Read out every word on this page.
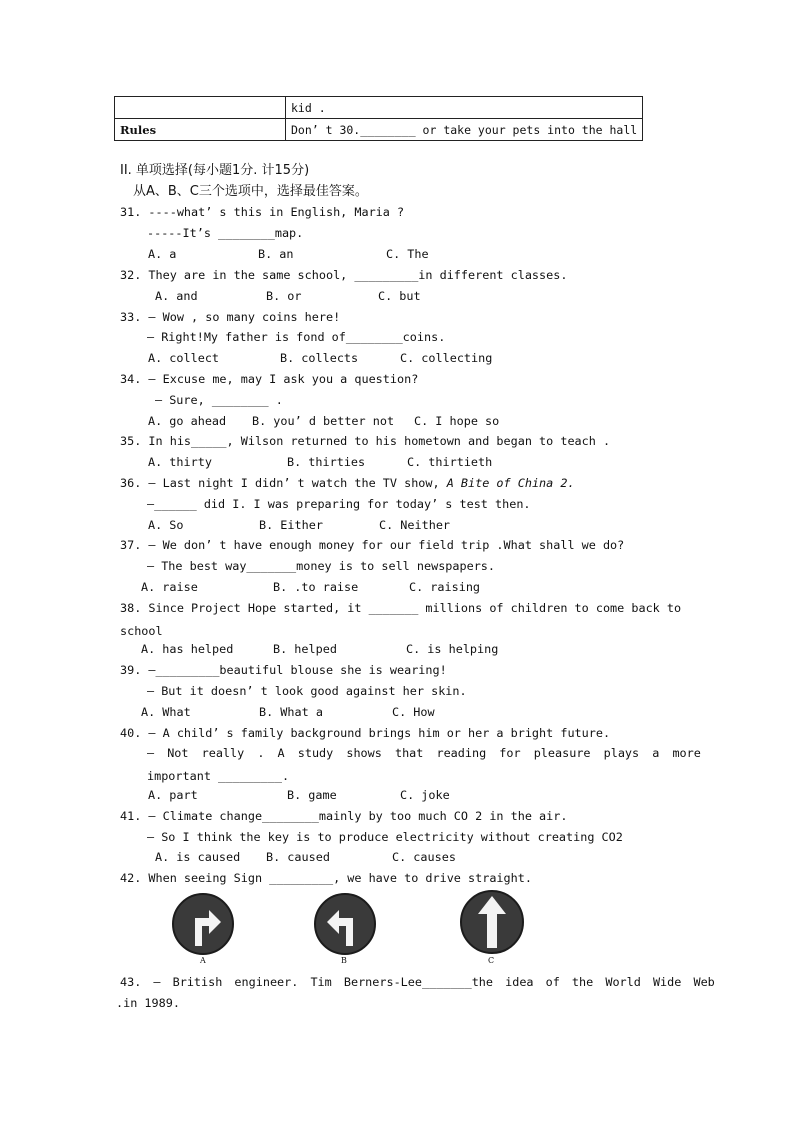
	kid .
Rules	Don’ t 30.________ or take your pets into the hall
II. 单项选择(每小题1分. 计15分)
从A、B、C三个选项中，选择最佳答案。
31. ----what’ s this in English, Maria ?
-----It’s ________map.
A. a	B. an	C. The
32. They are in the same school, _________in different classes.
A. and	B. or	C. but
33. — Wow , so many coins here!
— Right!My father is fond of________coins.
A. collect	B. collects	C. collecting
34. — Excuse me, may I ask you a question?
— Sure, ________ .
A. go ahead B. you’ d better not C. I hope so
35. In his_____, Wilson returned to his hometown and began to teach .
A. thirty	B. thirties	C. thirtieth
36. — Last night I didn’ t watch the TV show, A Bite of China 2.
—______ did I. I was preparing for today’ s test then.
A. So	B. Either	C. Neither
37. — We don’ t have enough money for our field trip .What shall we do?
— The best way_______money is to sell newspapers.
A. raise	B. .to raise	C. raising
38. Since Project Hope started, it _______ millions of children to come back to
school
A. has helped	B. helped	C. is helping
39. —_________beautiful blouse she is wearing!
— But it doesn’ t look good against her skin.
A. What	B. What a	C. How
40. — A child’ s family background brings him or her a bright future.
— Not really . A study shows that reading for pleasure plays a more
important _________.
A. part	B. game	C. joke
41. — Climate change________mainly by too much CO 2 in the air.
— So I think the key is to produce electricity without creating CO2
A. is caused B. caused	C. causes
42. When seeing Sign _________, we have to drive straight.
A	B	C
43. — British engineer. Tim Berners-Lee_______the idea of the World Wide Web
.in 1989.
